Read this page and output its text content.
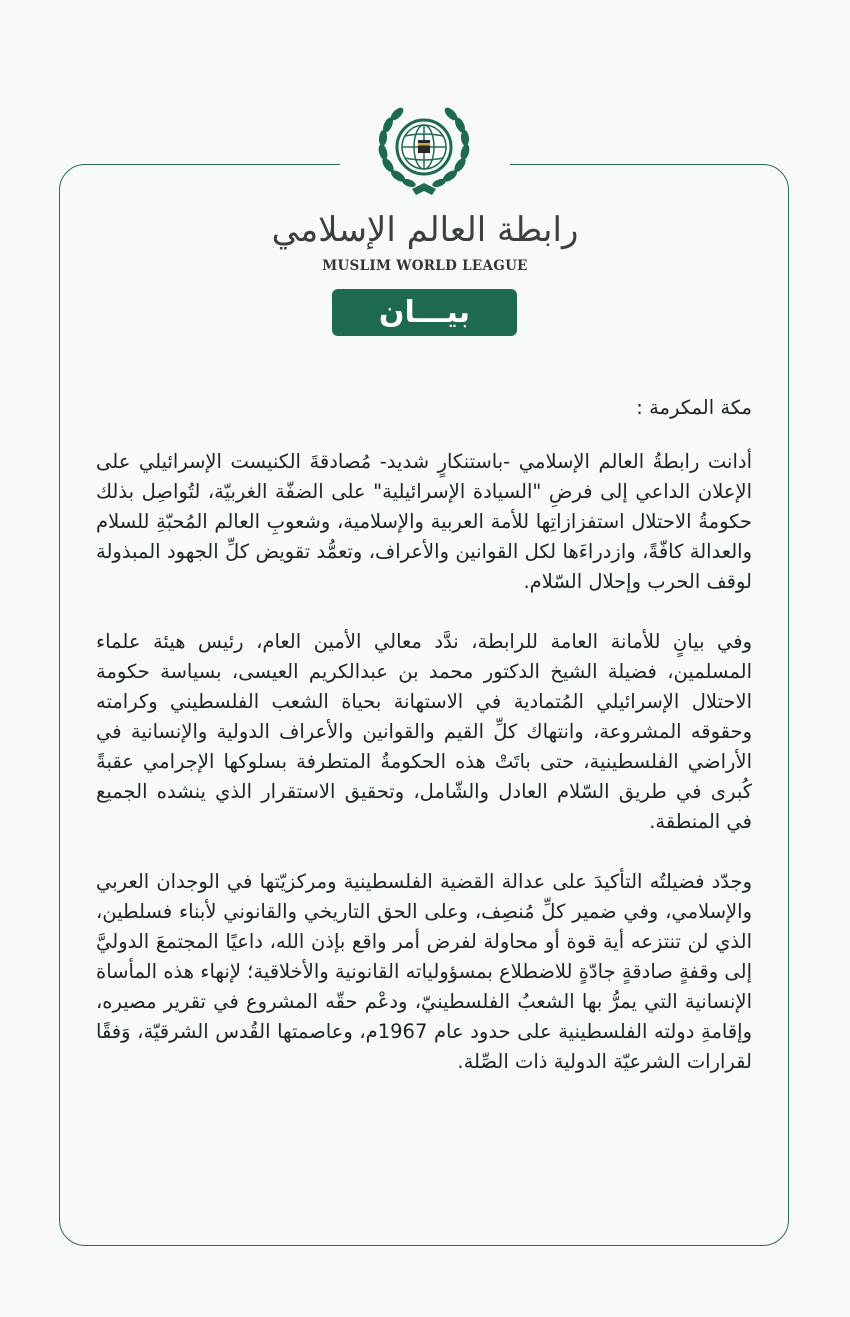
رابطة العالم الإسلامي
MUSLIM WORLD LEAGUE
بيـــان

مكة المكرمة :

أدانت رابطةُ العالم الإسلامي -باستنكارٍ شديد- مُصادقةَ الكنيست الإسرائيلي على الإعلان الداعي إلى فرضِ "السيادة الإسرائيلية" على الضفّة الغربيّة، لتُواصِل بذلك حكومةُ الاحتلال استفزازاتِها للأمة العربية والإسلامية، وشعوبِ العالم المُحبّةِ للسلام والعدالة كافّةً، وازدراءَها لكل القوانين والأعراف، وتعمُّد تقويض كلِّ الجهود المبذولة لوقف الحرب وإحلال السّلام.

وفي بيانٍ للأمانة العامة للرابطة، ندَّد معالي الأمين العام، رئيس هيئة علماء المسلمين، فضيلة الشيخ الدكتور محمد بن عبدالكريم العيسى، بسياسة حكومة الاحتلال الإسرائيلي المُتمادية في الاستهانة بحياة الشعب الفلسطيني وكرامته وحقوقه المشروعة، وانتهاك كلِّ القيم والقوانين والأعراف الدولية والإنسانية في الأراضي الفلسطينية، حتى باتَتْ هذه الحكومةُ المتطرفة بسلوكها الإجرامي عقبةً كُبرى في طريق السّلام العادل والشّامل، وتحقيق الاستقرار الذي ينشده الجميع في المنطقة.

وجدّد فضيلتُه التأكيدَ على عدالة القضية الفلسطينية ومركزيّتها في الوجدان العربي والإسلامي، وفي ضمير كلِّ مُنصِف، وعلى الحق التاريخي والقانوني لأبناء فسلطين، الذي لن تنتزعه أية قوة أو محاولة لفرض أمر واقع بإذن الله، داعيًا المجتمعَ الدوليَّ إلى وقفةٍ صادقةٍ جادّةٍ للاضطلاع بمسؤولياته القانونية والأخلاقية؛ لإنهاء هذه المأساة الإنسانية التي يمرُّ بها الشعبُ الفلسطينيّ، ودعْم حقّه المشروع في تقرير مصيره، وإقامةِ دولته الفلسطينية على حدود عام 1967م، وعاصمتها القُدس الشرقيّة، وَفقًا لقرارات الشرعيّة الدولية ذات الصِّلة.
